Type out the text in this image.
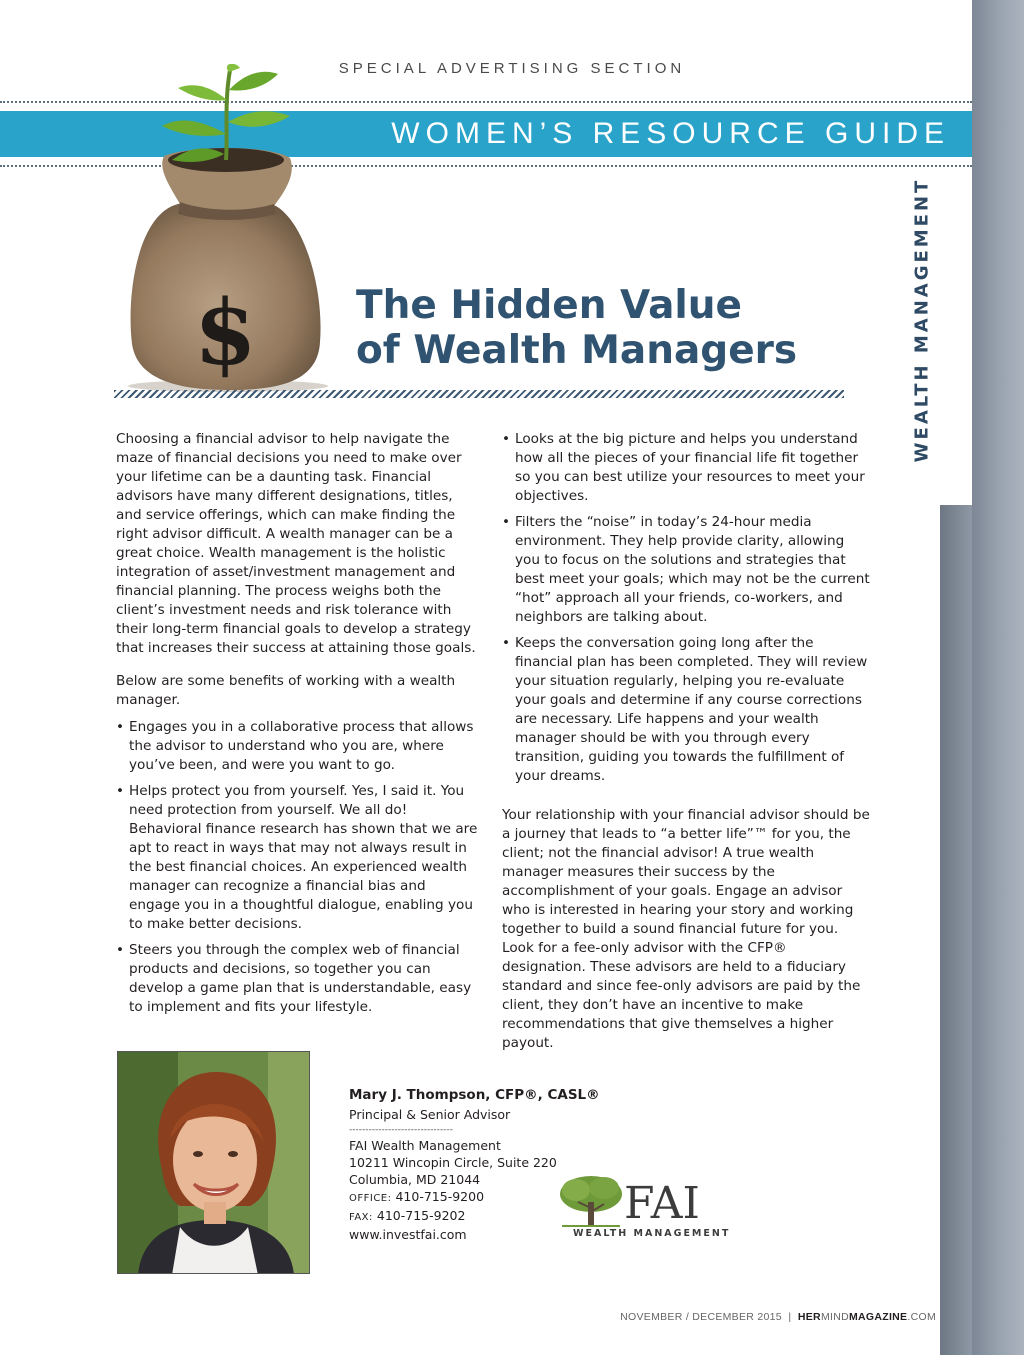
WEALTH MANAGEMENT
SPECIAL ADVERTISING SECTION
WOMEN’S RESOURCE GUIDE
$	The Hidden Value
of Wealth Managers

Choosing a financial advisor to help navigate the maze of financial decisions you need to make over your lifetime can be a daunting task. Financial advisors have many different designations, titles, and service offerings, which can make finding the right advisor difficult. A wealth manager can be a great choice. Wealth management is the holistic integration of asset/investment management and financial planning. The process weighs both the client’s investment needs and risk tolerance with their long-term financial goals to develop a strategy that increases their success at attaining those goals.

Below are some benefits of working with a wealth manager.

• Engages you in a collaborative process that allows the advisor to understand who you are, where you’ve been, and were you want to go.
• Helps protect you from yourself. Yes, I said it. You need protection from yourself. We all do! Behavioral finance research has shown that we are apt to react in ways that may not always result in the best financial choices. An experienced wealth manager can recognize a financial bias and engage you in a thoughtful dialogue, enabling you to make better decisions.
• Steers you through the complex web of financial products and decisions, so together you can develop a game plan that is understandable, easy to implement and fits your lifestyle.
• Looks at the big picture and helps you understand how all the pieces of your financial life fit together so you can best utilize your resources to meet your objectives.
• Filters the “noise” in today’s 24-hour media environment. They help provide clarity, allowing you to focus on the solutions and strategies that best meet your goals; which may not be the current “hot” approach all your friends, co-workers, and neighbors are talking about.
• Keeps the conversation going long after the financial plan has been completed. They will review your situation regularly, helping you re-evaluate your goals and determine if any course corrections are necessary. Life happens and your wealth manager should be with you through every transition, guiding you towards the fulfillment of your dreams.

Your relationship with your financial advisor should be a journey that leads to “a better life”™ for you, the client; not the financial advisor! A true wealth manager measures their success by the accomplishment of your goals. Engage an advisor who is interested in hearing your story and working together to build a sound financial future for you. Look for a fee-only advisor with the CFP® designation. These advisors are held to a fiduciary standard and since fee-only advisors are paid by the client, they don’t have an incentive to make recommendations that give themselves a higher payout.

Mary J. Thompson, CFP®, CASL®
Principal & Senior Advisor
--------------------------------
FAI Wealth Management
10211 Wincopin Circle, Suite 220
Columbia, MD 21044
OFFICE: 410-715-9200
FAX: 410-715-9202
www.investfai.com
FAI
WEALTH MANAGEMENT
NOVEMBER / DECEMBER 2015 | HERMINDMAGAZINE.COM
